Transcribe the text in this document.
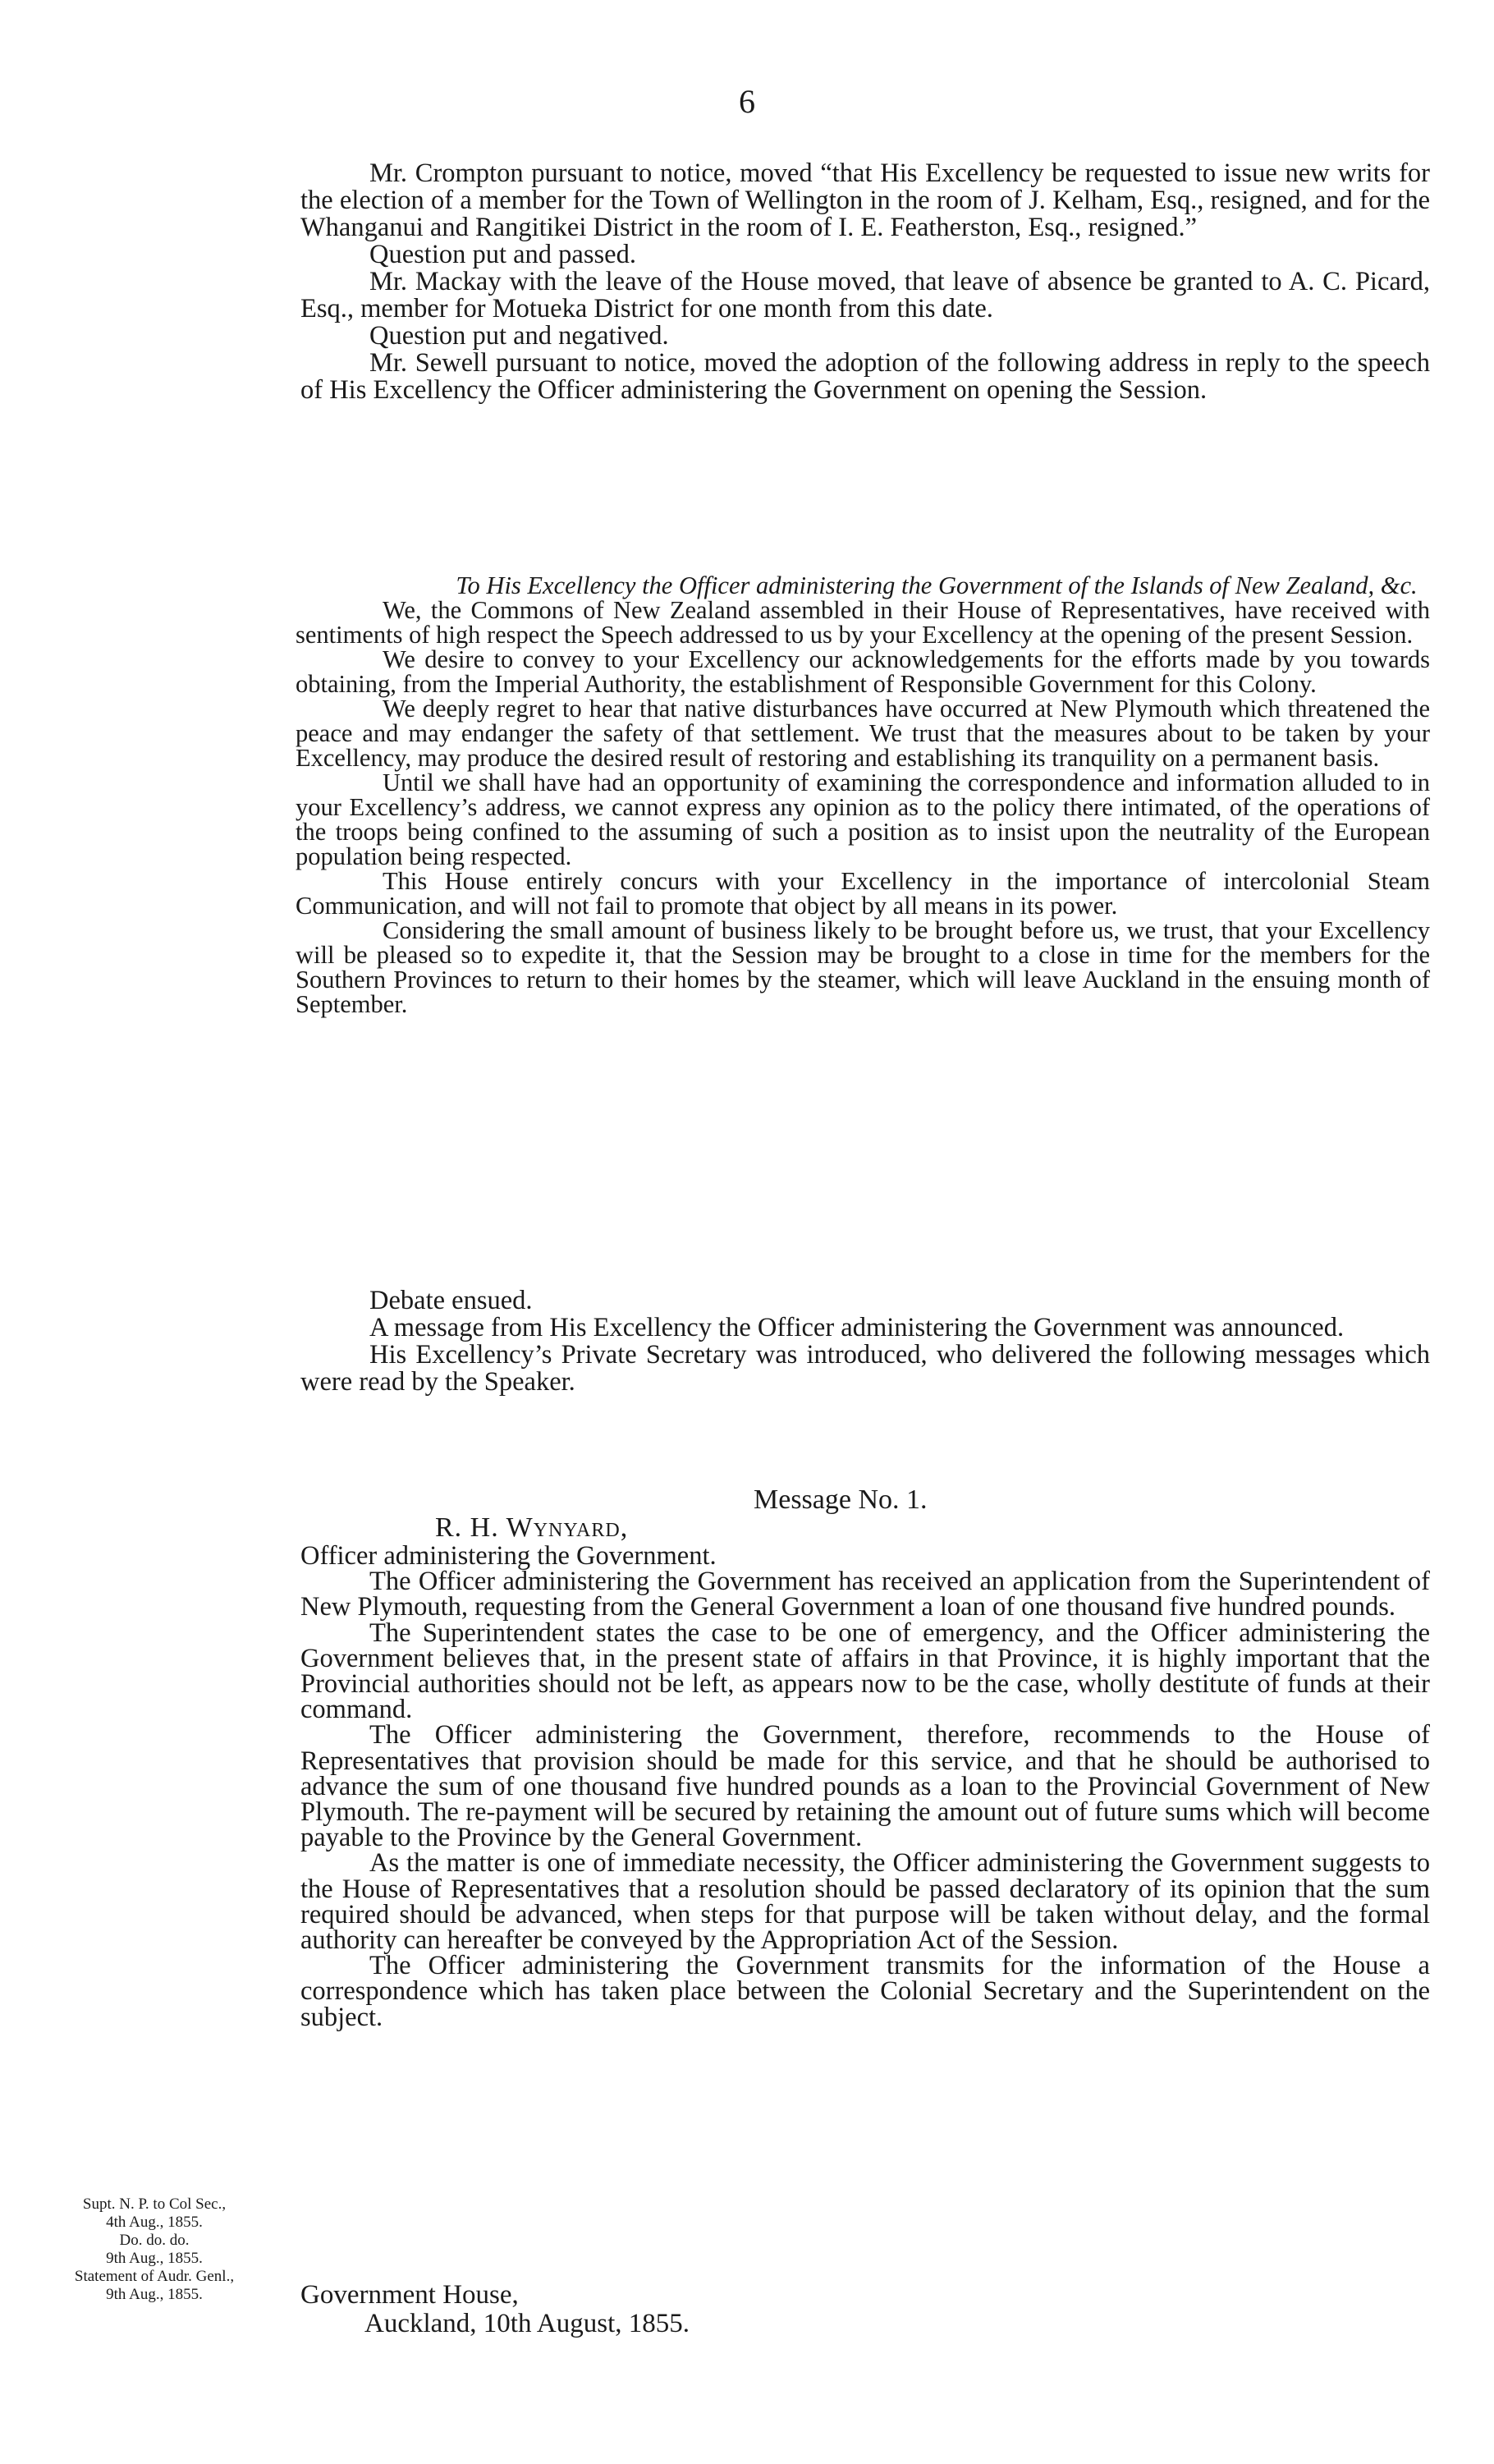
6

Mr. Crompton pursuant to notice, moved “that His Excellency be requested to issue new writs for the election of a member for the Town of Wellington in the room of J. Kelham, Esq., resigned, and for the Whanganui and Rangitikei District in the room of I. E. Featherston, Esq., resigned.”

Question put and passed.

Mr. Mackay with the leave of the House moved, that leave of absence be granted to A. C. Picard, Esq., member for Motueka District for one month from this date.

Question put and negatived.

Mr. Sewell pursuant to notice, moved the adoption of the following address in reply to the speech of His Excellency the Officer administering the Government on opening the Session.

To His Excellency the Officer administering the Government of the Islands of New Zealand, &c.

We, the Commons of New Zealand assembled in their House of Representatives, have received with sentiments of high respect the Speech addressed to us by your Excellency at the opening of the present Session.

We desire to convey to your Excellency our acknowledgements for the efforts made by you towards obtaining, from the Imperial Authority, the establishment of Responsible Government for this Colony.

We deeply regret to hear that native disturbances have occurred at New Plymouth which threatened the peace and may endanger the safety of that settlement. We trust that the measures about to be taken by your Excellency, may produce the desired result of restoring and establishing its tranquility on a permanent basis.

Until we shall have had an opportunity of examining the correspondence and information alluded to in your Excellency’s address, we cannot express any opinion as to the policy there intimated, of the operations of the troops being confined to the assuming of such a position as to insist upon the neutrality of the European population being respected.

This House entirely concurs with your Excellency in the importance of intercolonial Steam Communication, and will not fail to promote that object by all means in its power.

Considering the small amount of business likely to be brought before us, we trust, that your Excellency will be pleased so to expedite it, that the Session may be brought to a close in time for the members for the Southern Provinces to return to their homes by the steamer, which will leave Auckland in the ensuing month of September.

Debate ensued.

A message from His Excellency the Officer administering the Government was announced.

His Excellency’s Private Secretary was introduced, who delivered the following messages which were read by the Speaker.

Message No. 1.
R. H. Wynyard,

Officer administering the Government.

The Officer administering the Government has received an application from the Superintendent of New Plymouth, requesting from the General Government a loan of one thousand five hundred pounds.

The Superintendent states the case to be one of emergency, and the Officer administering the Government believes that, in the present state of affairs in that Province, it is highly important that the Provincial authorities should not be left, as appears now to be the case, wholly destitute of funds at their command.

The Officer administering the Government, therefore, recommends to the House of Representatives that provision should be made for this service, and that he should be authorised to advance the sum of one thousand five hundred pounds as a loan to the Provincial Government of New Plymouth. The re-payment will be secured by retaining the amount out of future sums which will become payable to the Province by the General Government.

As the matter is one of immediate necessity, the Officer administering the Government suggests to the House of Representatives that a resolution should be passed declaratory of its opinion that the sum required should be advanced, when steps for that purpose will be taken without delay, and the formal authority can hereafter be conveyed by the Appropriation Act of the Session.

The Officer administering the Government transmits for the information of the House a correspondence which has taken place between the Colonial Secretary and the Superintendent on the subject.

Supt. N. P. to Col Sec.,

4th Aug., 1855.

Do. do. do.

9th Aug., 1855.

Statement of Audr. Genl.,

9th Aug., 1855.	Government House,

Auckland, 10th August, 1855.
